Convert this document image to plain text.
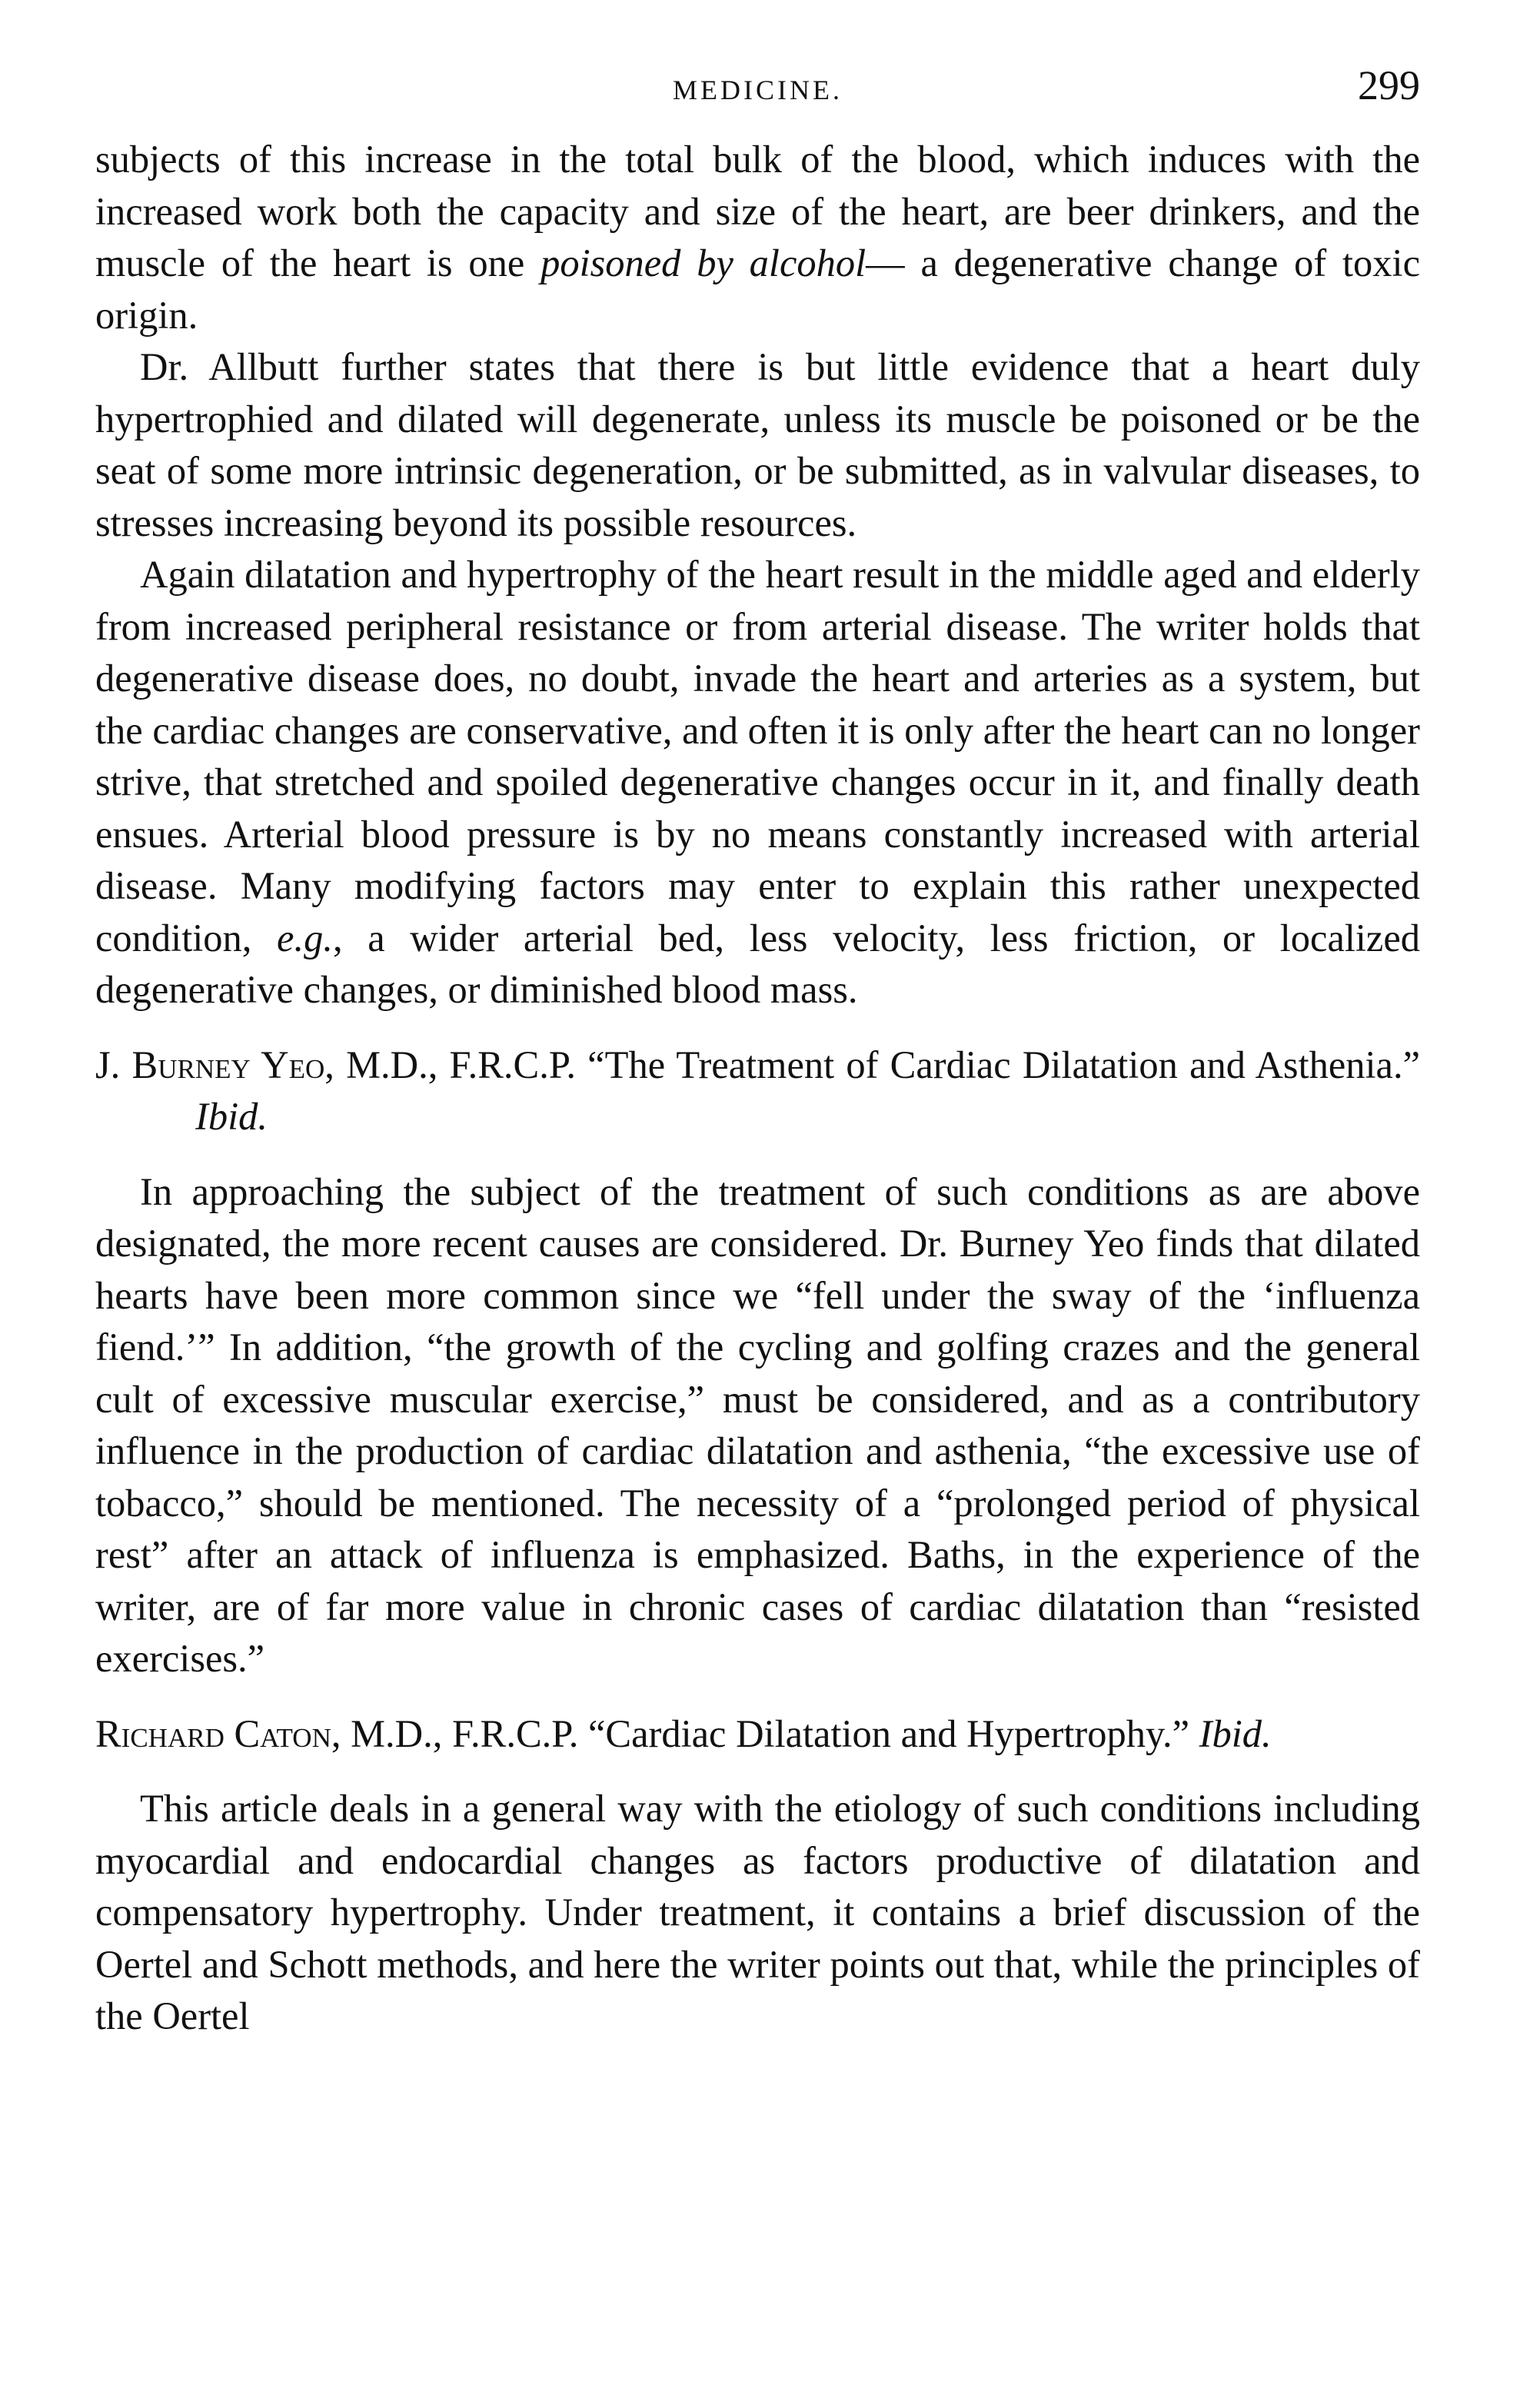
MEDICINE.	299

subjects of this increase in the total bulk of the blood, which induces with the increased work both the capacity and size of the heart, are beer drinkers, and the muscle of the heart is one poisoned by alcohol— a degenerative change of toxic origin.

Dr. Allbutt further states that there is but little evidence that a heart duly hypertrophied and dilated will degenerate, unless its muscle be poisoned or be the seat of some more intrinsic degeneration, or be submitted, as in valvular diseases, to stresses increasing beyond its possible resources.

Again dilatation and hypertrophy of the heart result in the middle aged and elderly from increased peripheral resistance or from arterial disease. The writer holds that degenerative disease does, no doubt, invade the heart and arteries as a system, but the cardiac changes are conservative, and often it is only after the heart can no longer strive, that stretched and spoiled degenerative changes occur in it, and finally death ensues. Arterial blood pressure is by no means constantly increased with arterial disease. Many modifying factors may enter to explain this rather unexpected condition, e.g., a wider arterial bed, less velocity, less friction, or localized degenerative changes, or diminished blood mass.

J. Burney Yeo, M.D., F.R.C.P. “The Treatment of Cardiac Dilatation and Asthenia.” Ibid.

In approaching the subject of the treatment of such conditions as are above designated, the more recent causes are considered. Dr. Burney Yeo finds that dilated hearts have been more common since we “fell under the sway of the ‘influenza fiend.’” In addition, “the growth of the cycling and golfing crazes and the general cult of excessive muscular exercise,” must be considered, and as a contributory influence in the production of cardiac dilatation and asthenia, “the excessive use of tobacco,” should be mentioned. The necessity of a “prolonged period of physical rest” after an attack of influenza is emphasized. Baths, in the experience of the writer, are of far more value in chronic cases of cardiac dilatation than “resisted exercises.”

Richard Caton, M.D., F.R.C.P. “Cardiac Dilatation and Hypertrophy.” Ibid.

This article deals in a general way with the etiology of such conditions including myocardial and endocardial changes as factors productive of dilatation and compensatory hypertrophy. Under treatment, it contains a brief discussion of the Oertel and Schott methods, and here the writer points out that, while the principles of the Oertel
